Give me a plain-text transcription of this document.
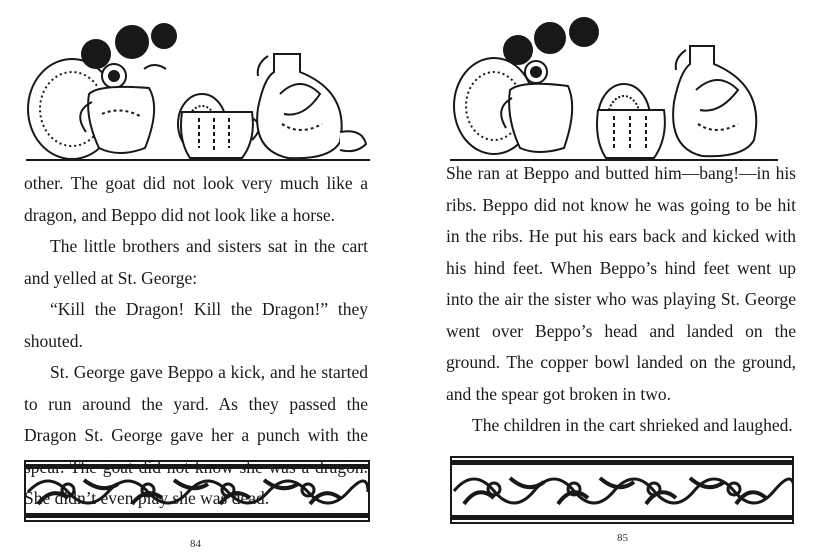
other. The goat did not look very much like a dragon, and Beppo did not look like a horse.

The little brothers and sisters sat in the cart and yelled at St. George:

“Kill the Dragon! Kill the Dragon!” they shouted.

St. George gave Beppo a kick, and he started to run around the yard. As they passed the Dragon St. George gave her a punch with the She didn’t even play she was dead.

84

She ran at Beppo and butted him—bang!—in his ribs. Beppo did not know he was going to be hit in the ribs. He put his ears back and kicked with his hind feet. When Beppo’s hind feet went up into the air the sister who was playing St. George went over Beppo’s head and landed on the ground. The copper bowl landed on the ground, and the spear got broken in two.

The children in the cart shrieked and laughed.

85
